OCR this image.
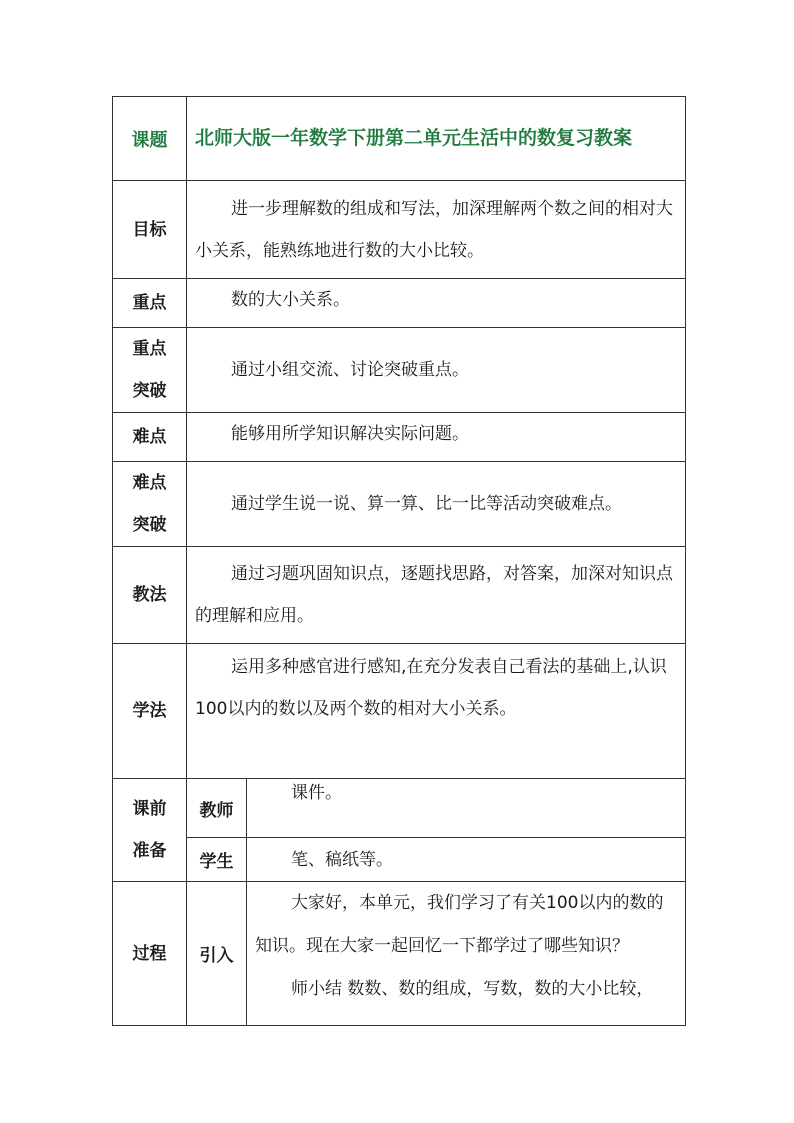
课题	北师大版一年数学下册第二单元生活中的数复习教案	
目标	进一步理解数的组成和写法，加深理解两个数之间的相对大小关系，能熟练地进行数的大小比较。	
重点	数的大小关系。	

重点
突破	通过小组交流、讨论突破重点。	
难点	能够用所学知识解决实际问题。	

难点
突破	通过学生说一说、算一算、比一比等活动突破难点。	
教法	通过习题巩固知识点，逐题找思路，对答案，加深对知识点的理解和应用。	
学法	运用多种感官进行感知,在充分发表自己看法的基础上,认识100以内的数以及两个数的相对大小关系。	

课前
准备	教师	课件。
	学生	笔、稿纸等。
过程	引入	大家好，本单元，我们学习了有关100以内的数的知识。现在大家一起回忆一下都学过了哪些知识？
师小结 数数、数的组成，写数，数的大小比较，
